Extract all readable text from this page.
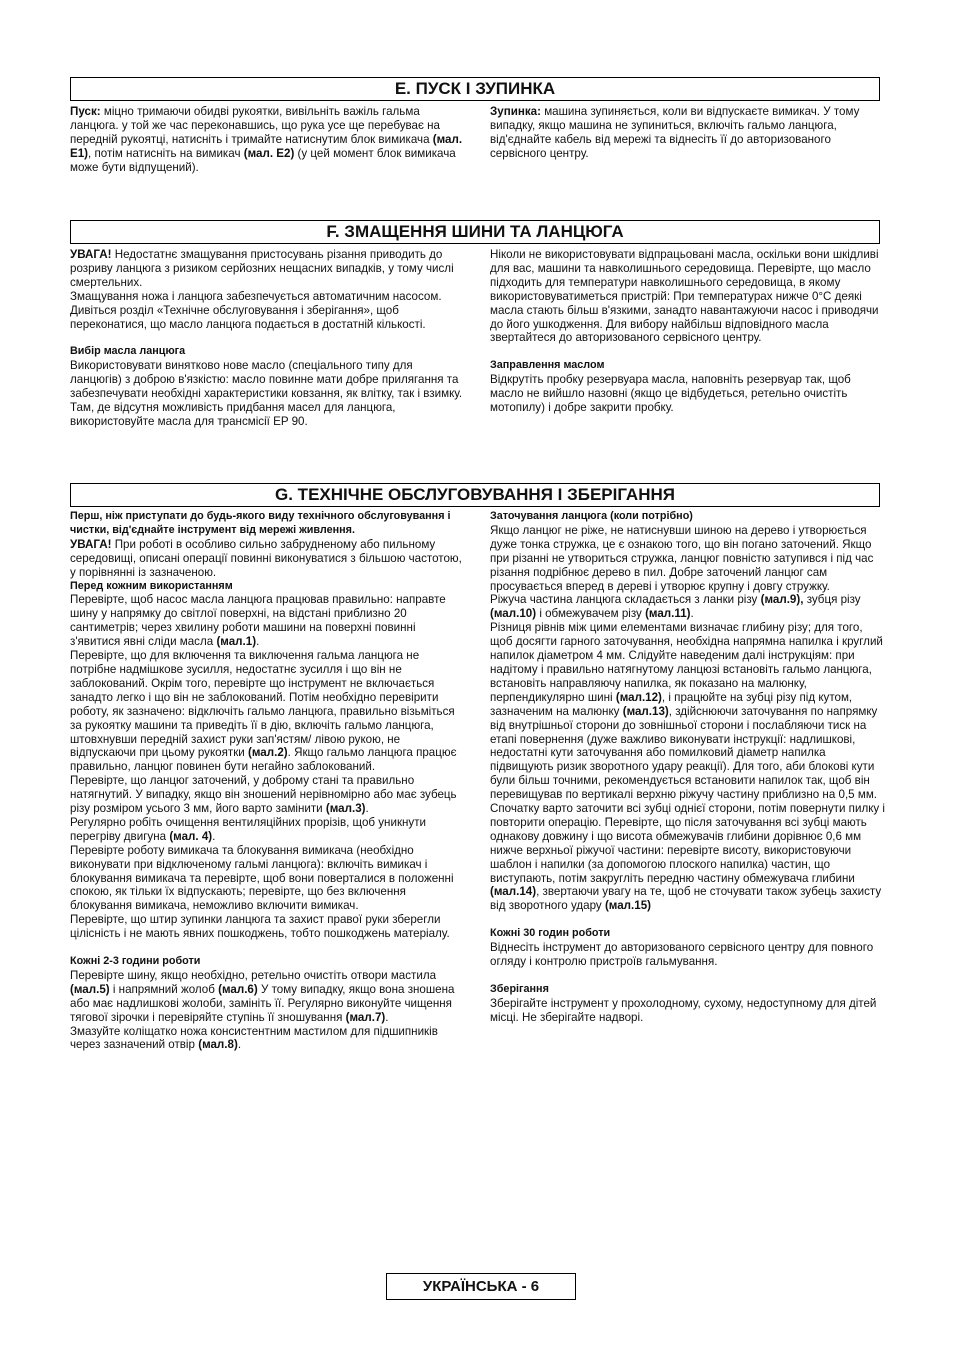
E. ПУСК І ЗУПИНКА

Пуск: мiцно тримаючи обидвi рукоятки, вивiльнiть важiль гальма ланцюга. у той же час переконавшись, що рука усе ще перебуває на переднiй рукоятцi, натиснiть i тримайте натиснутим блок вимикача (мал. E1), потiм натиснiть на вимикач (мал. E2) (у цей момент блок вимикача може бути вiдпущений).

Зупинка: машина зупиняється, коли ви вiдпускаєте вимикач. У тому випадку, якщо машина не зупиниться, включiть гальмо ланцюга, вiд'єднайте кабель вiд мережi та вiднесiть її до авторизованого сервiсного центру.

F. ЗМАЩЕННЯ ШИНИ ТА ЛАНЦЮГА

УВАГА! Недостатнє змащування пристосувань рiзання приводить до розриву ланцюга з ризиком серйозних нещасних випадкiв, у тому числi смертельних.

Змащування ножа i ланцюга забезпечується автоматичним насосом.

Дивiться роздiл «Технiчне обслуговування i зберiгання», щоб переконатися, що масло ланцюга подається в достатнiй кiлькостi.

Вибiр масла ланцюга

Використовувати винятково нове масло (спецiального типу для ланцюгiв) з доброю в'язкiстю: масло повинне мати добре прилягання та забезпечувати необхiднi характеристики ковзання, як влiтку, так i взимку. Там, де вiдсутня можливiсть придбання масел для ланцюга, використовуйте масла для трансмiсiї EP 90.

Нiколи не використовувати вiдпрацьованi масла, оскiльки вони шкiдливi для вас, машини та навколишнього середовища. Перевiрте, що масло пiдходить для температури навколишнього середовища, в якому використовуватиметься пристрiй: При температурах нижче 0°C деякi масла стають бiльш в'язкими, занадто навантажуючи насос i приводячи до його ушкодження. Для вибору найбiльш вiдповiдного масла звертайтеся до авторизованого сервiсного центру.

Заправлення маслом

Вiдкрутiть пробку резервуара масла, наповнiть резервуар так, щоб масло не вийшло назовнi (якщо це вiдбудеться, ретельно очистiть мотопилу) i добре закрити пробку.

G. ТЕХНIЧНЕ ОБСЛУГОВУВАННЯ I ЗБЕРIГАННЯ

Перш, нiж приступати до будь-якого виду технiчного обслуговування i чистки, вiд'єднайте iнструмент вiд мережi живлення.

УВАГА! При роботi в особливо сильно забрудненому або пильному середовищi, описанi операцiї повиннi виконуватися з бiльшою частотою, у порiвняннi iз зазначеною.

Перед кожним використанням

Перевiрте, щоб насос масла ланцюга працював правильно: направте шину у напрямку до свiтлої поверхнi, на вiдстанi приблизно 20 сантиметрiв; через хвилину роботи машини на поверхнi повиннi з'явитися явнi слiди масла (мал.1).

Перевiрте, що для включення та виключення гальма ланцюга не потрiбне надмiшкове зусилля, недостатнє зусилля i що вiн не заблокований. Окрiм того, перевiрте що iнструмент не включається занадто легко i що вiн не заблокований. Потiм необхiдно перевiрити роботу, як зазначено: вiдключiть гальмо ланцюга, правильно вiзьмiться за рукоятку машини та приведiть її в дiю, включiть гальмо ланцюга, штовхнувши переднiй захист руки зап'ястям/ лiвою рукою, не вiдпускаючи при цьому рукоятки (мал.2). Якщо гальмо ланцюга працює правильно, ланцюг повинен бути негайно заблокований.

Перевiрте, що ланцюг заточений, у доброму станi та правильно натягнутий. У випадку, якщо вiн зношений нерiвномiрно або має зубець рiзу розмiром усього 3 мм, його варто замiнити (мал.3).

Регулярно робiть очищення вентиляцiйних прорiзiв, щоб уникнути перегрiву двигуна (мал. 4).

Перевiрте роботу вимикача та блокування вимикача (необхiдно виконувати при вiдключеному гальмi ланцюга): включiть вимикач i блокування вимикача та перевiрте, щоб вони поверталися в положеннi спокою, як тiльки їх вiдпускають; перевiрте, що без включення блокування вимикача, неможливо включити вимикач.

Перевiрте, що штир зупинки ланцюга та захист правої руки зберегли цiлiснiсть i не мають явних пошкоджень, тобто пошкоджень матерiалу.

Кожнi 2-3 години роботи

Перевiрте шину, якщо необхiдно, ретельно очистiть отвори мастила (мал.5) i напрямний жолоб (мал.6) У тому випадку, якщо вона зношена або має надлишковi жолоби, замiнiть її. Регулярно виконуйте чищення тягової зiрочки i перевiряйте ступiнь її зношування (мал.7).

Змазуйте колiщатко ножа консистентним мастилом для пiдшипникiв через зазначений отвiр (мал.8).

Заточування ланцюга (коли потрiбно)

Якщо ланцюг не рiже, не натиснувши шиною на дерево i утворюється дуже тонка стружка, це є ознакою того, що вiн погано заточений. Якщо при рiзаннi не утвориться стружка, ланцюг повнiстю затупився i пiд час рiзання подрiбнює дерево в пил. Добре заточений ланцюг сам просувається вперед в деревi i утворює крупну i довгу стружку.

Рiжуча частина ланцюга складається з ланки рiзу (мал.9), зубця рiзу (мал.10) i обмежувачем рiзу (мал.11).

Рiзниця рiвнiв мiж цими елементами визначає глибину рiзу; для того, щоб досягти гарного заточування, необхiдна напрямна напилка i круглий напилок дiаметром 4 мм. Слiдуйте наведеним далi iнструкцiям: при надiтому i правильно натягнутому ланцюзi встановiть гальмо ланцюга, встановiть направляючу напилка, як показано на малюнку, перпендикулярно шинi (мал.12), i працюйте на зубцi рiзу пiд кутом, зазначеним на малюнку (мал.13), здiйснюючи заточування по напрямку вiд внутрiшньої сторони до зовнiшньої сторони i послабляючи тиск на етапi повернення (дуже важливо виконувати iнструкцiї: надлишковi, недостатнi кути заточування або помилковий дiаметр напилка пiдвищують ризик зворотного удару реакцiї). Для того, аби блоковi кути були бiльш точними, рекомендується встановити напилок так, щоб вiн перевищував по вертикалi верхню рiжучу частину приблизно на 0,5 мм. Спочатку варто заточити всi зубцi однiєї сторони, потiм повернути пилку i повторити операцiю. Перевiрте, що пiсля заточування всi зубцi мають однакову довжину i що висота обмежувачiв глибини дорiвнює 0,6 мм нижче верхньої рiжучої частини: перевiрте висоту, використовуючи шаблон i напилки (за допомогою плоского напилка) частин, що виступають, потiм закруглiть передню частину обмежувача глибини (мал.14), звертаючи увагу на те, щоб не сточувати також зубець захисту вiд зворотного удару (мал.15)

Кожнi 30 годин роботи

Вiднесiть iнструмент до авторизованого сервiсного центру для повного огляду i контролю пристроїв гальмування.

Зберiгання

Зберiгайте iнструмент у прохолодному, сухому, недоступному для дiтей мiсцi. Не зберiгайте надворi.

УКРАЇНСЬКА - 6
